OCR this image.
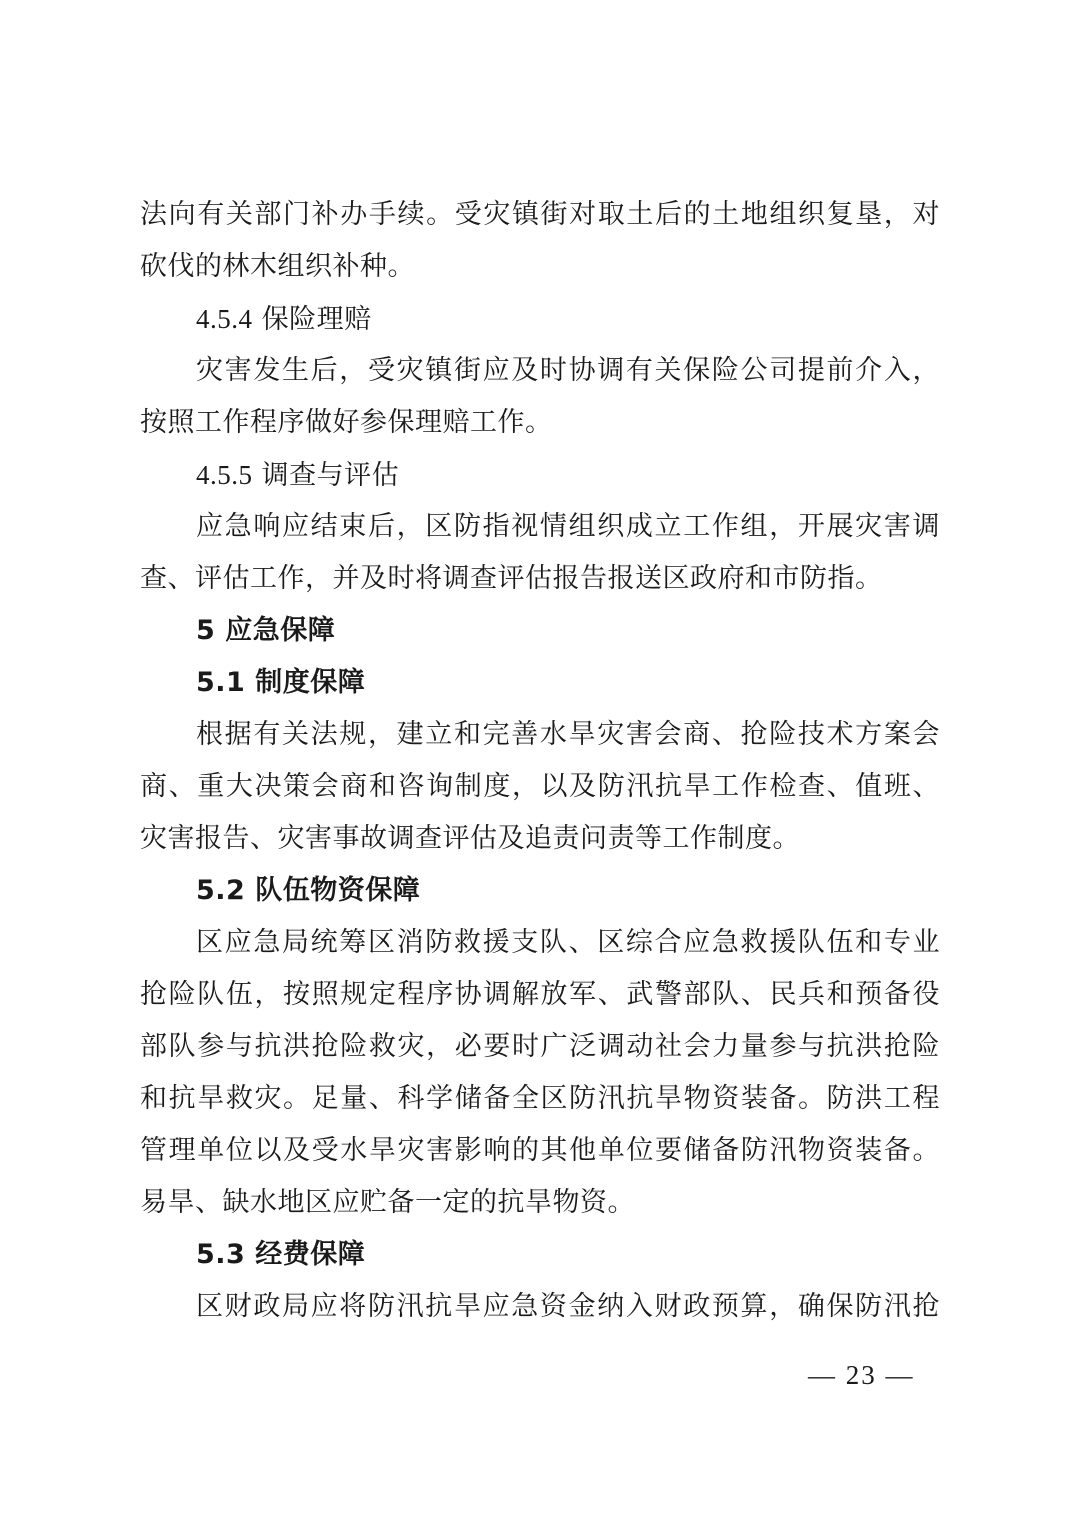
法向有关部门补办手续。受灾镇街对取土后的土地组织复垦，对
砍伐的林木组织补种。
4.5.4 保险理赔
灾害发生后，受灾镇街应及时协调有关保险公司提前介入，
按照工作程序做好参保理赔工作。
4.5.5 调查与评估
应急响应结束后，区防指视情组织成立工作组，开展灾害调
查、评估工作，并及时将调查评估报告报送区政府和市防指。
5 应急保障
5.1 制度保障
根据有关法规，建立和完善水旱灾害会商、抢险技术方案会
商、重大决策会商和咨询制度，以及防汛抗旱工作检查、值班、
灾害报告、灾害事故调查评估及追责问责等工作制度。
5.2 队伍物资保障
区应急局统筹区消防救援支队、区综合应急救援队伍和专业
抢险队伍，按照规定程序协调解放军、武警部队、民兵和预备役
部队参与抗洪抢险救灾，必要时广泛调动社会力量参与抗洪抢险
和抗旱救灾。足量、科学储备全区防汛抗旱物资装备。防洪工程
管理单位以及受水旱灾害影响的其他单位要储备防汛物资装备。
易旱、缺水地区应贮备一定的抗旱物资。
5.3 经费保障
区财政局应将防汛抗旱应急资金纳入财政预算，确保防汛抢
— 23 —
